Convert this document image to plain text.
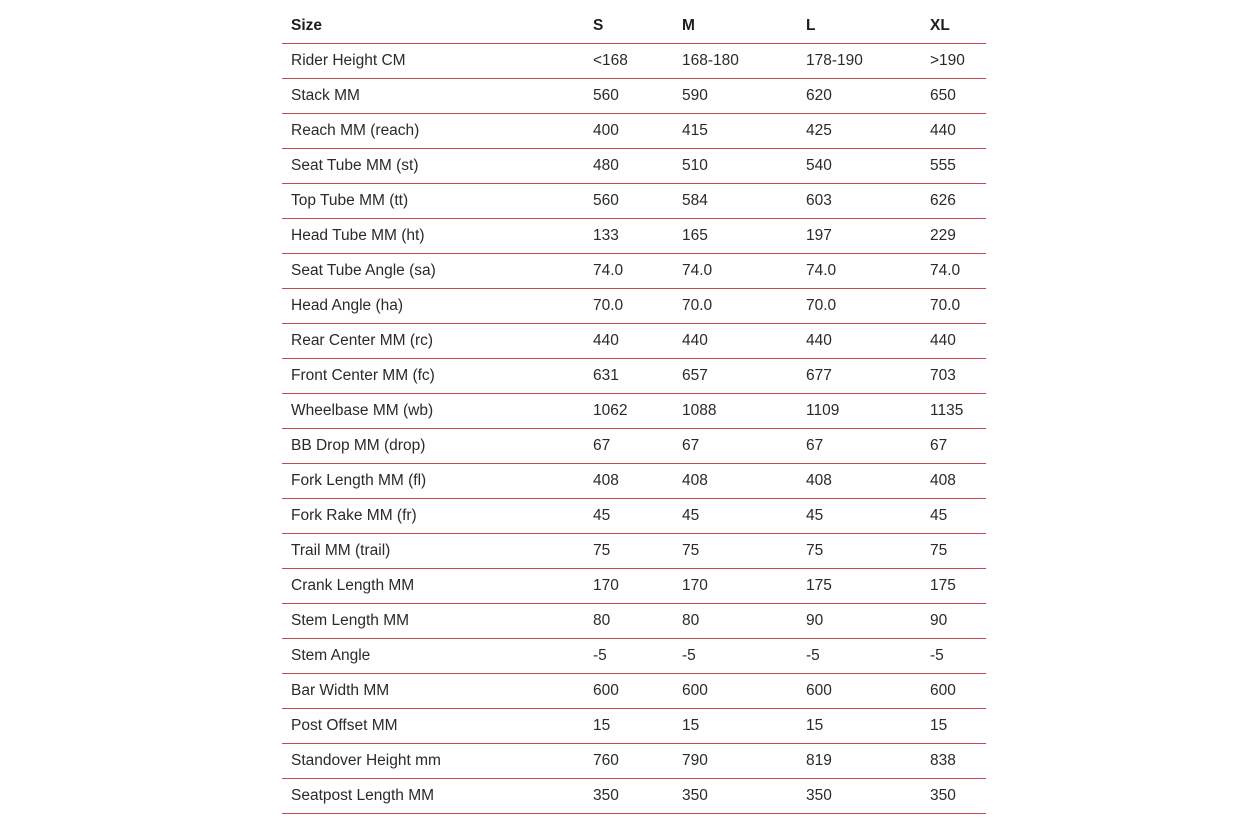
Size	S	M	L	XL
Rider Height CM	<168	168-180	178-190	>190
Stack MM	560	590	620	650
Reach MM (reach)	400	415	425	440
Seat Tube MM (st)	480	510	540	555
Top Tube MM (tt)	560	584	603	626
Head Tube MM (ht)	133	165	197	229
Seat Tube Angle (sa)	74.0	74.0	74.0	74.0
Head Angle (ha)	70.0	70.0	70.0	70.0
Rear Center MM (rc)	440	440	440	440
Front Center MM (fc)	631	657	677	703
Wheelbase MM (wb)	1062	1088	1109	1135
BB Drop MM (drop)	67	67	67	67
Fork Length MM (fl)	408	408	408	408
Fork Rake MM (fr)	45	45	45	45
Trail MM (trail)	75	75	75	75
Crank Length MM	170	170	175	175
Stem Length MM	80	80	90	90
Stem Angle	-5	-5	-5	-5
Bar Width MM	600	600	600	600
Post Offset MM	15	15	15	15
Standover Height mm	760	790	819	838
Seatpost Length MM	350	350	350	350
